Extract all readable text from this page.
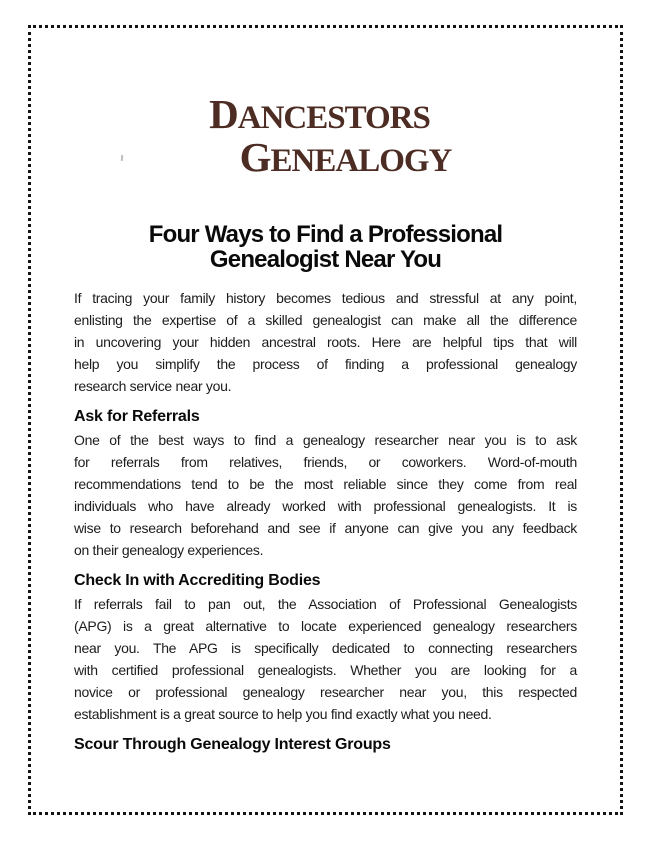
DANCESTORS
GENEALOGY
Four Ways to Find a Professional
Genealogist Near You
If tracing your family history becomes tedious and stressful at any point,
enlisting the expertise of a skilled genealogist can make all the difference
in uncovering your hidden ancestral roots. Here are helpful tips that will
help you simplify the process of finding a professional genealogy
research service near you.
Ask for Referrals
One of the best ways to find a genealogy researcher near you is to ask
for referrals from relatives, friends, or coworkers. Word-of-mouth
recommendations tend to be the most reliable since they come from real
individuals who have already worked with professional genealogists. It is
wise to research beforehand and see if anyone can give you any feedback
on their genealogy experiences.
Check In with Accrediting Bodies
If referrals fail to pan out, the Association of Professional Genealogists
(APG) is a great alternative to locate experienced genealogy researchers
near you. The APG is specifically dedicated to connecting researchers
with certified professional genealogists. Whether you are looking for a
novice or professional genealogy researcher near you, this respected
establishment is a great source to help you find exactly what you need.
Scour Through Genealogy Interest Groups
